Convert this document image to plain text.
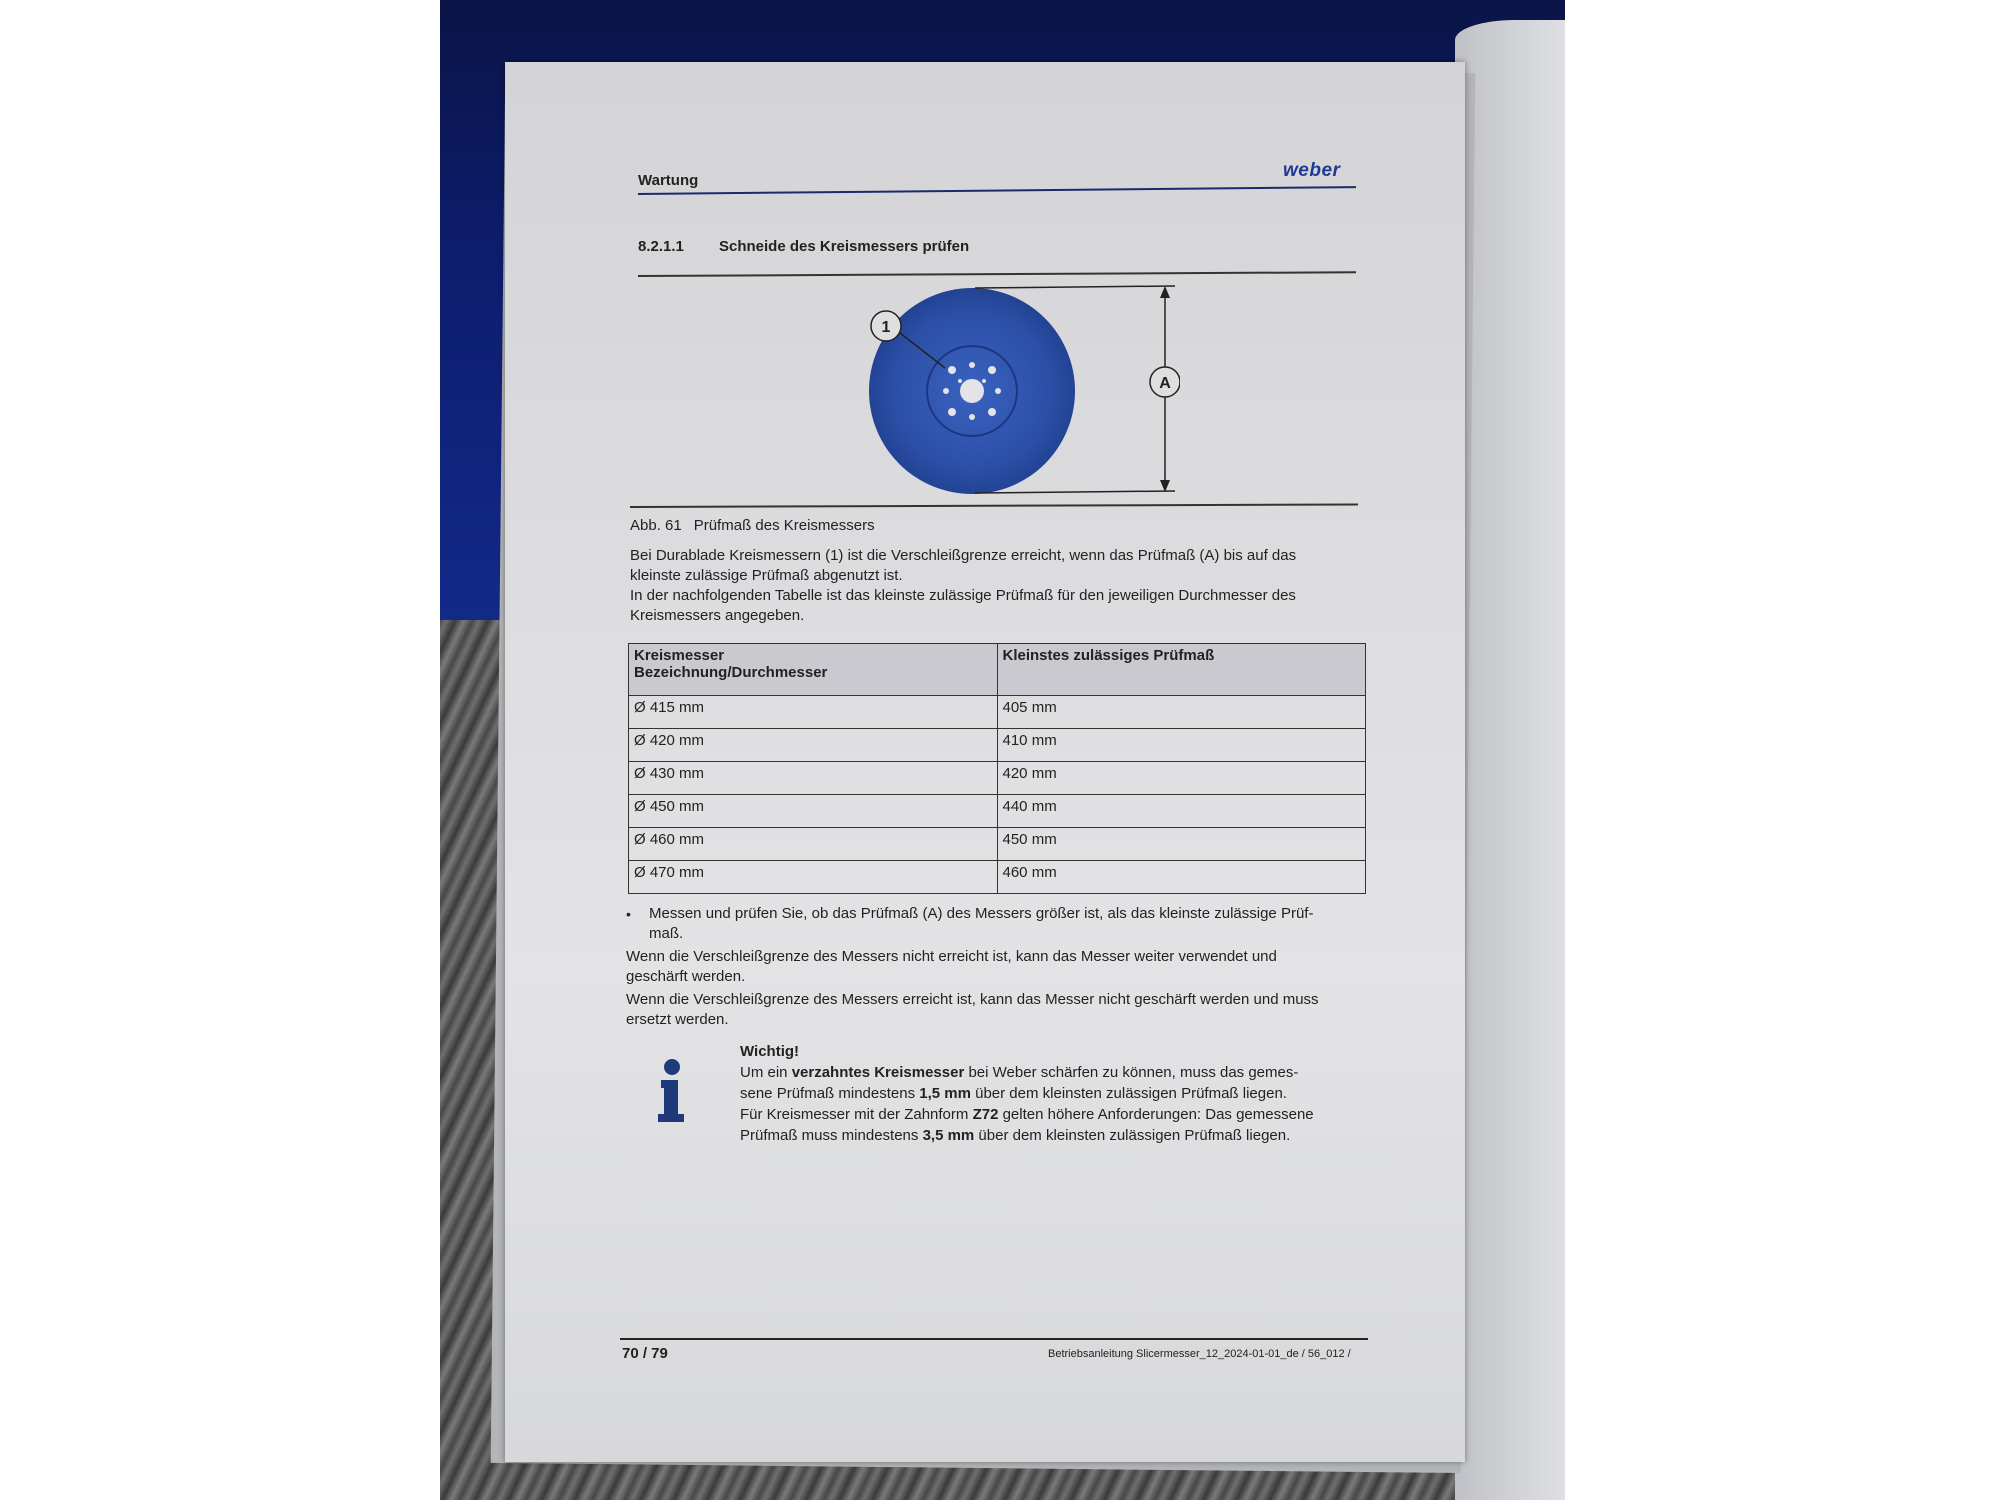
Wartung	weber
8.2.1.1 Schneide des Kreismessers prüfen
A
1
Abb. 61 Prüfmaß des Kreismessers
Bei Durablade Kreismessern (1) ist die Verschleißgrenze erreicht, wenn das Prüfmaß (A) bis auf das
kleinste zulässige Prüfmaß abgenutzt ist.
In der nachfolgenden Tabelle ist das kleinste zulässige Prüfmaß für den jeweiligen Durchmesser des
Kreismessers angegeben.
Kreismesser
Bezeichnung/Durchmesser	Kleinstes zulässiges Prüfmaß
Ø 415 mm	405 mm
Ø 420 mm	410 mm
Ø 430 mm	420 mm
Ø 450 mm	440 mm
Ø 460 mm	450 mm
Ø 470 mm	460 mm
• Messen und prüfen Sie, ob das Prüfmaß (A) des Messers größer ist, als das kleinste zulässige Prüf-
maß.
Wenn die Verschleißgrenze des Messers nicht erreicht ist, kann das Messer weiter verwendet und
geschärft werden.
Wenn die Verschleißgrenze des Messers erreicht ist, kann das Messer nicht geschärft werden und muss
ersetzt werden.
Wichtig!
Um ein verzahntes Kreismesser bei Weber schärfen zu können, muss das gemes-
sene Prüfmaß mindestens 1,5 mm über dem kleinsten zulässigen Prüfmaß liegen.
Für Kreismesser mit der Zahnform Z72 gelten höhere Anforderungen: Das gemessene
Prüfmaß muss mindestens 3,5 mm über dem kleinsten zulässigen Prüfmaß liegen.
70 / 79	Betriebsanleitung Slicermesser_12_2024-01-01_de / 56_012 /
